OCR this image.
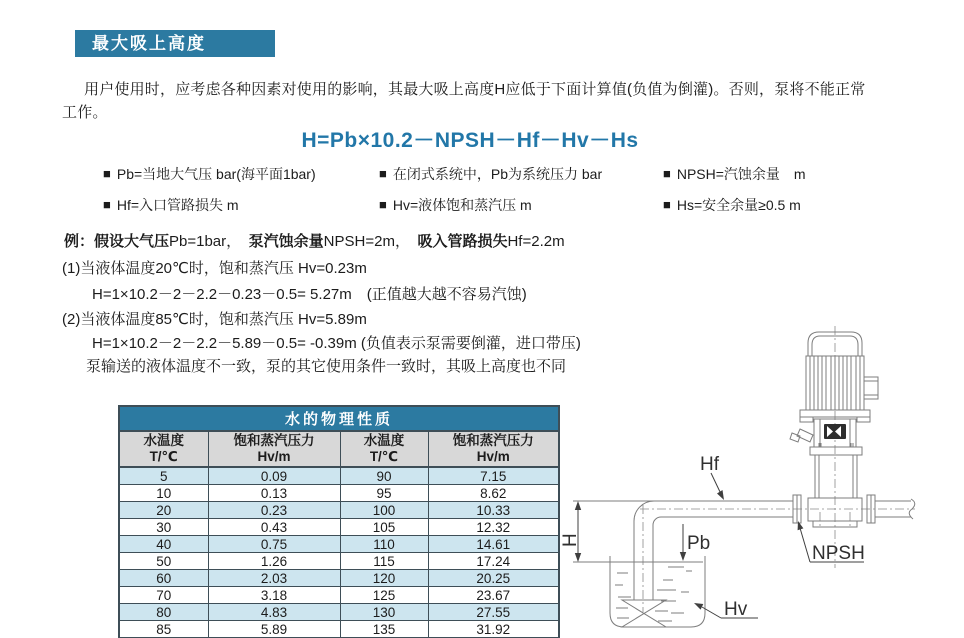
最大吸上高度
用户使用时，应考虑各种因素对使用的影响，其最大吸上高度H应低于下面计算值(负值为倒灌)。否则，泵将不能正常
工作。
H=Pb×10.2－NPSH－Hf－Hv－Hs
■ Pb=当地大气压 bar(海平面1bar)	■ 在闭式系统中，Pb为系统压力 bar	■ NPSH=汽蚀余量　m
■ Hf=入口管路损失 m	■ Hv=液体饱和蒸汽压 m	■ Hs=安全余量≥0.5 m
例：假设大气压Pb=1bar，　泵汽蚀余量NPSH=2m，　吸入管路损失Hf=2.2m
(1)当液体温度20℃时，饱和蒸汽压 Hv=0.23m
H=1×10.2－2－2.2－0.23－0.5= 5.27m　(正值越大越不容易汽蚀)
(2)当液体温度85℃时，饱和蒸汽压 Hv=5.89m
H=1×10.2－2－2.2－5.89－0.5= -0.39m (负值表示泵需要倒灌，进口带压)
泵输送的液体温度不一致，泵的其它使用条件一致时，其吸上高度也不同
水的物理性质			
水温度
T/℃	饱和蒸汽压力
Hv/m	水温度
T/℃	饱和蒸汽压力
Hv/m
5	0.09	90	7.15
10	0.13	95	8.62
20	0.23	100	10.33
30	0.43	105	12.32
40	0.75	110	14.61
50	1.26	115	17.24
60	2.03	120	20.25
70	3.18	125	23.67
80	4.83	130	27.55
85	5.89	135	31.92
H
Hf
Pb	NPSH
Hv
